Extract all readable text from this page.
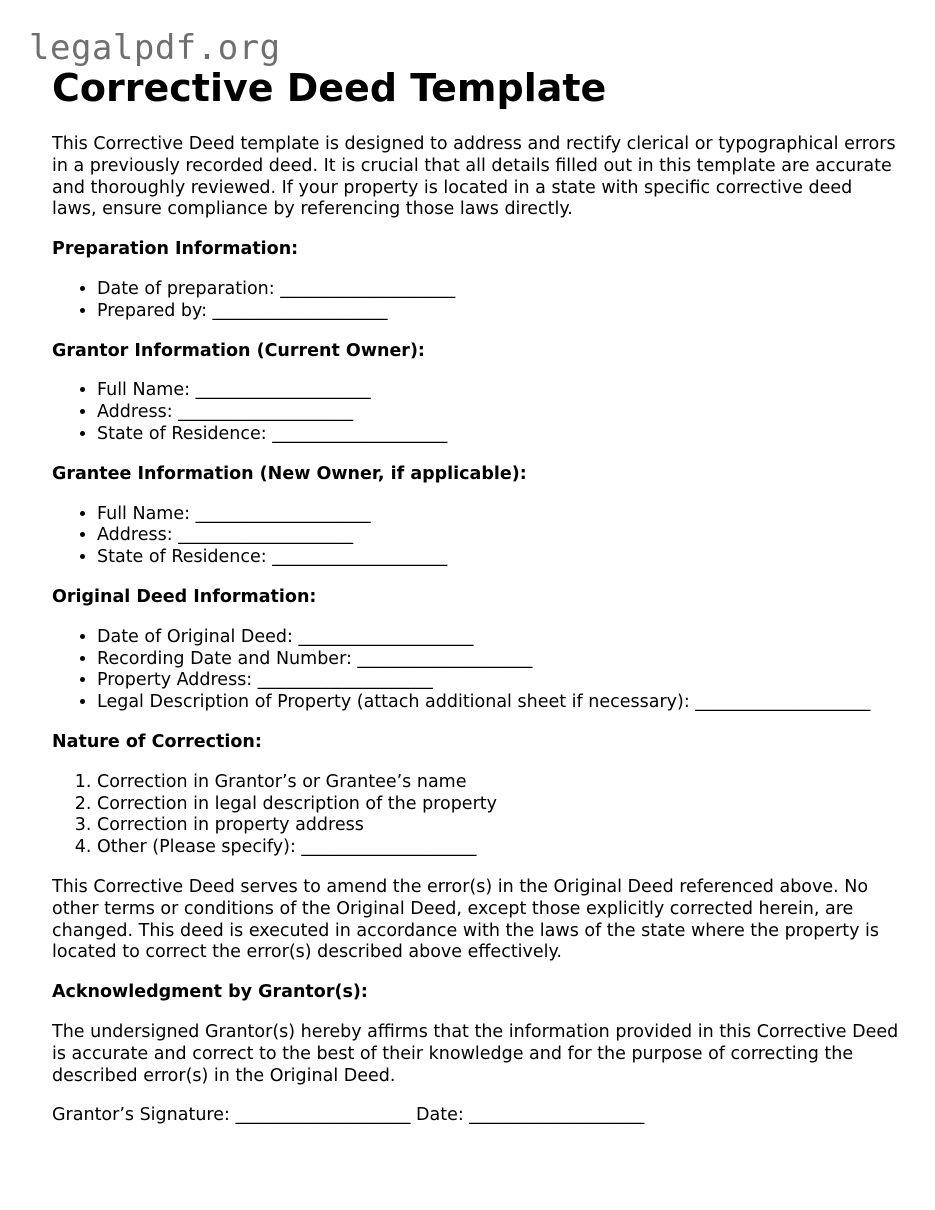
legalpdf.org
Corrective Deed Template

This Corrective Deed template is designed to address and rectify clerical or typographical errors in a previously recorded deed. It is crucial that all details filled out in this template are accurate and thoroughly reviewed. If your property is located in a state with specific corrective deed laws, ensure compliance by referencing those laws directly.

Preparation Information:
• Date of preparation: ____________________
• Prepared by: ____________________
Grantor Information (Current Owner):
• Full Name: ____________________
• Address: ____________________
• State of Residence: ____________________
Grantee Information (New Owner, if applicable):
• Full Name: ____________________
• Address: ____________________
• State of Residence: ____________________
Original Deed Information:
• Date of Original Deed: ____________________
• Recording Date and Number: ____________________
• Property Address: ____________________
• Legal Description of Property (attach additional sheet if necessary): ____________________
Nature of Correction:
1. Correction in Grantor’s or Grantee’s name
2. Correction in legal description of the property
3. Correction in property address
4. Other (Please specify): ____________________

This Corrective Deed serves to amend the error(s) in the Original Deed referenced above. No other terms or conditions of the Original Deed, except those explicitly corrected herein, are changed. This deed is executed in accordance with the laws of the state where the property is located to correct the error(s) described above effectively.

Acknowledgment by Grantor(s):

The undersigned Grantor(s) hereby affirms that the information provided in this Corrective Deed is accurate and correct to the best of their knowledge and for the purpose of correcting the described error(s) in the Original Deed.

Grantor’s Signature: ____________________ Date: ____________________
